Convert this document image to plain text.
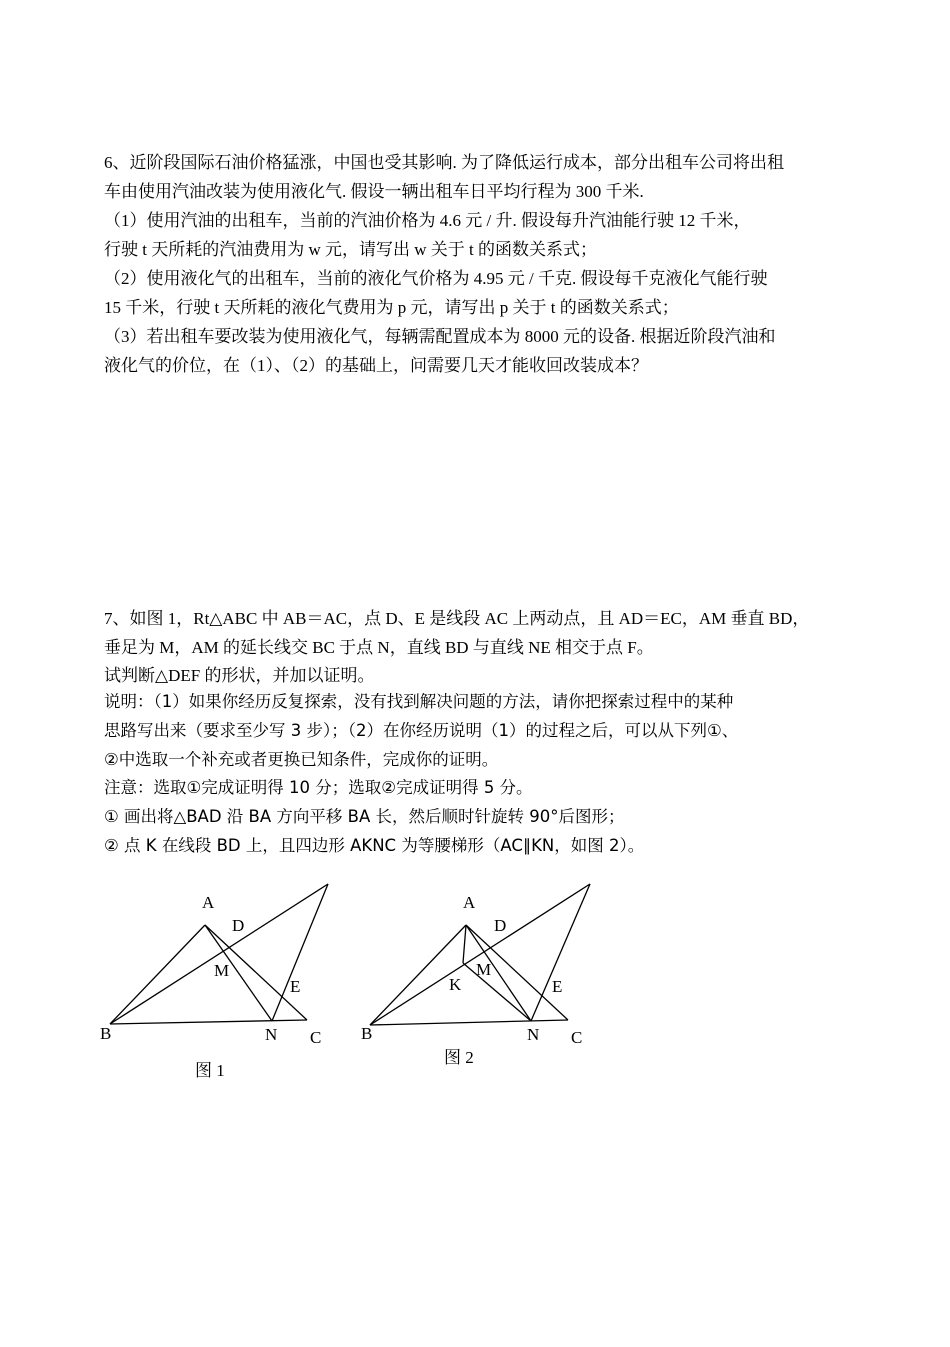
6、近阶段国际石油价格猛涨，中国也受其影响. 为了降低运行成本，部分出租车公司将出租
车由使用汽油改装为使用液化气. 假设一辆出租车日平均行程为 300 千米.
（1）使用汽油的出租车，当前的汽油价格为 4.6 元 / 升. 假设每升汽油能行驶 12 千米，
行驶 t 天所耗的汽油费用为 w 元，请写出 w 关于 t 的函数关系式；
（2）使用液化气的出租车，当前的液化气价格为 4.95 元 / 千克. 假设每千克液化气能行驶
15 千米，行驶 t 天所耗的液化气费用为 p 元，请写出 p 关于 t 的函数关系式；
（3）若出租车要改装为使用液化气，每辆需配置成本为 8000 元的设备. 根据近阶段汽油和
液化气的价位，在（1）、（2）的基础上，问需要几天才能收回改装成本？
7、如图 1，Rt△ABC 中 AB＝AC，点 D、E 是线段 AC 上两动点，且 AD＝EC，AM 垂直 BD，
垂足为 M，AM 的延长线交 BC 于点 N，直线 BD 与直线 NE 相交于点 F。
试判断△DEF 的形状，并加以证明。
说明：（1）如果你经历反复探索，没有找到解决问题的方法，请你把探索过程中的某种
思路写出来（要求至少写 3 步）；（2）在你经历说明（1）的过程之后，可以从下列①、
②中选取一个补充或者更换已知条件，完成你的证明。
注意：选取①完成证明得 10 分；选取②完成证明得 5 分。
① 画出将△BAD 沿 BA 方向平移 BA 长，然后顺时针旋转 90°后图形；
② 点 K 在线段 BD 上，且四边形 AKNC 为等腰梯形（AC∥KN，如图 2）。
A
D
M
E
B	N C
图 1
A
D
M
K	E
B	N C
图 2
